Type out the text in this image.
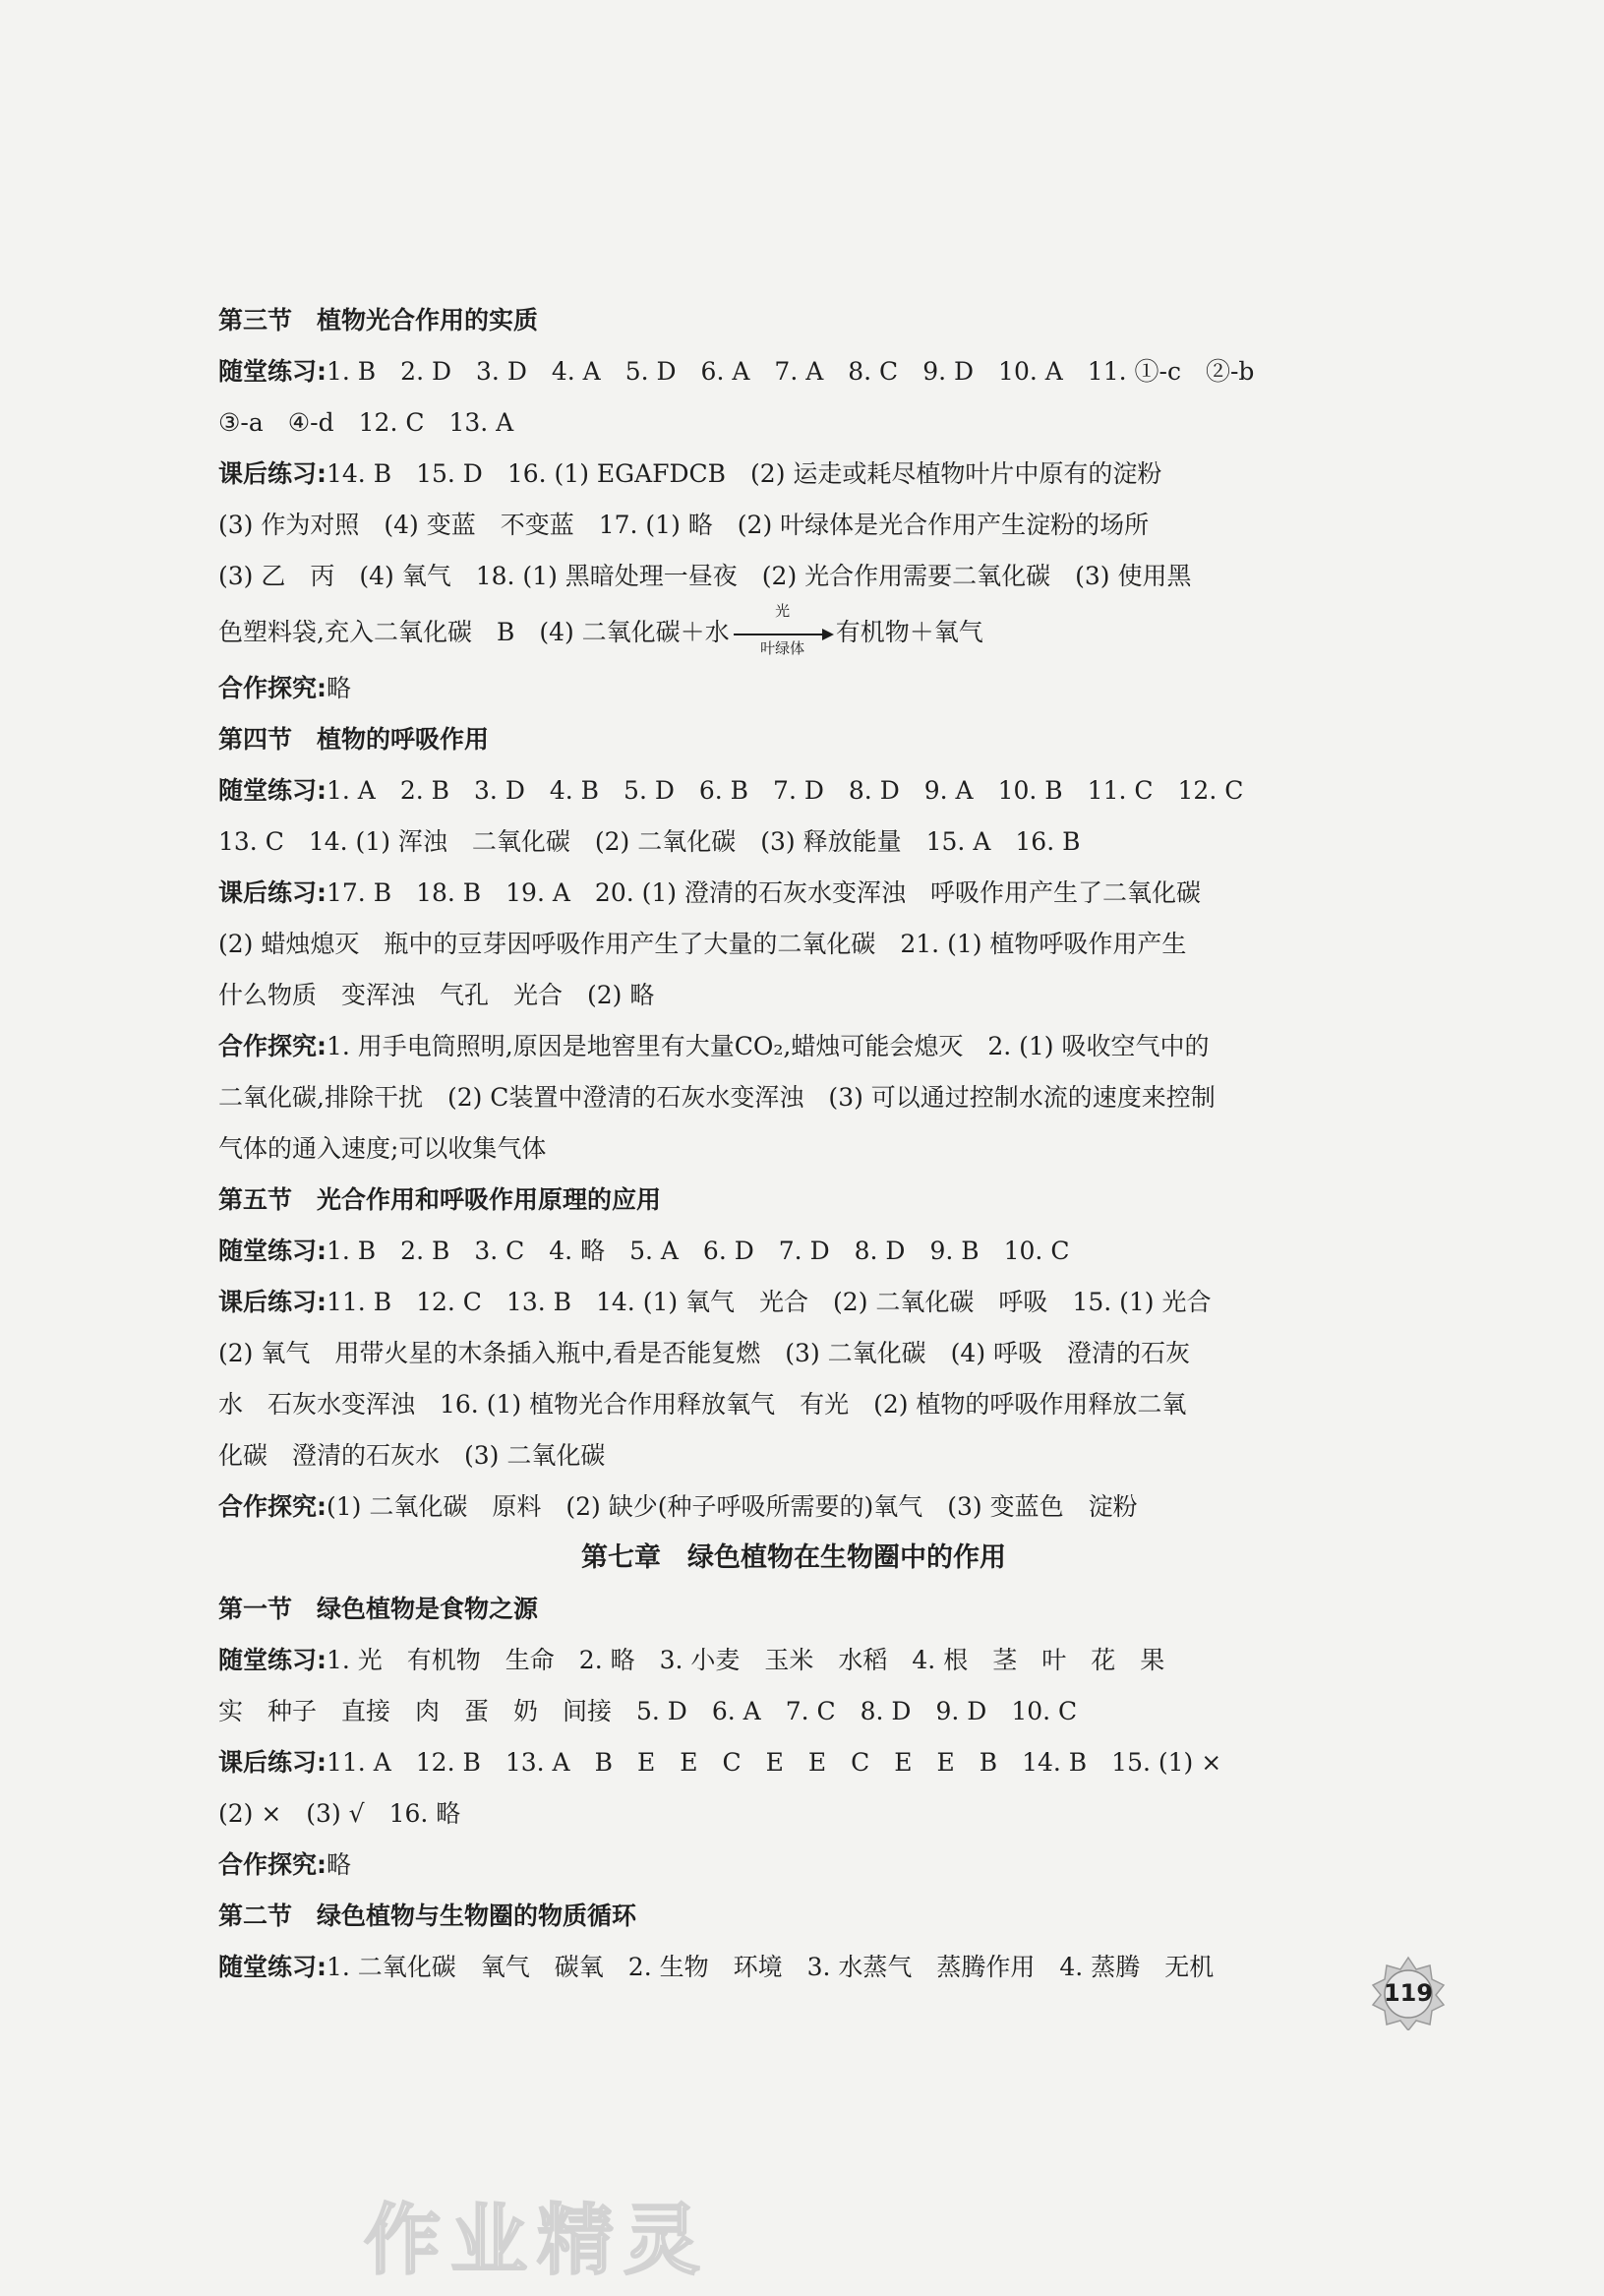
第三节　植物光合作用的实质
随堂练习:1. B　2. D　3. D　4. A　5. D　6. A　7. A　8. C　9. D　10. A　11. ①-c　②-b
③-a　④-d　12. C　13. A
课后练习:14. B　15. D　16. (1) EGAFDCB　(2) 运走或耗尽植物叶片中原有的淀粉
(3) 作为对照　(4) 变蓝　不变蓝　17. (1) 略　(2) 叶绿体是光合作用产生淀粉的场所
(3) 乙　丙　(4) 氧气　18. (1) 黑暗处理一昼夜　(2) 光合作用需要二氧化碳　(3) 使用黑
色塑料袋,充入二氧化碳　B　(4) 二氧化碳＋水
光
叶绿体
有机物＋氧气
合作探究:略
第四节　植物的呼吸作用
随堂练习:1. A　2. B　3. D　4. B　5. D　6. B　7. D　8. D　9. A　10. B　11. C　12. C
13. C　14. (1) 浑浊　二氧化碳　(2) 二氧化碳　(3) 释放能量　15. A　16. B
课后练习:17. B　18. B　19. A　20. (1) 澄清的石灰水变浑浊　呼吸作用产生了二氧化碳
(2) 蜡烛熄灭　瓶中的豆芽因呼吸作用产生了大量的二氧化碳　21. (1) 植物呼吸作用产生
什么物质　变浑浊　气孔　光合　(2) 略
合作探究:1. 用手电筒照明,原因是地窖里有大量CO₂,蜡烛可能会熄灭　2. (1) 吸收空气中的
二氧化碳,排除干扰　(2) C装置中澄清的石灰水变浑浊　(3) 可以通过控制水流的速度来控制
气体的通入速度;可以收集气体
第五节　光合作用和呼吸作用原理的应用
随堂练习:1. B　2. B　3. C　4. 略　5. A　6. D　7. D　8. D　9. B　10. C
课后练习:11. B　12. C　13. B　14. (1) 氧气　光合　(2) 二氧化碳　呼吸　15. (1) 光合
(2) 氧气　用带火星的木条插入瓶中,看是否能复燃　(3) 二氧化碳　(4) 呼吸　澄清的石灰
水　石灰水变浑浊　16. (1) 植物光合作用释放氧气　有光　(2) 植物的呼吸作用释放二氧
化碳　澄清的石灰水　(3) 二氧化碳
合作探究:(1) 二氧化碳　原料　(2) 缺少(种子呼吸所需要的)氧气　(3) 变蓝色　淀粉
第七章　绿色植物在生物圈中的作用
第一节　绿色植物是食物之源
随堂练习:1. 光　有机物　生命　2. 略　3. 小麦　玉米　水稻　4. 根　茎　叶　花　果
实　种子　直接　肉　蛋　奶　间接　5. D　6. A　7. C　8. D　9. D　10. C
课后练习:11. A　12. B　13. A　B　E　E　C　E　E　C　E　E　B　14. B　15. (1) ×
(2) ×　(3) √　16. 略
合作探究:略
第二节　绿色植物与生物圈的物质循环
随堂练习:1. 二氧化碳　氧气　碳氧　2. 生物　环境　3. 水蒸气　蒸腾作用　4. 蒸腾　无机
119
作业精灵
